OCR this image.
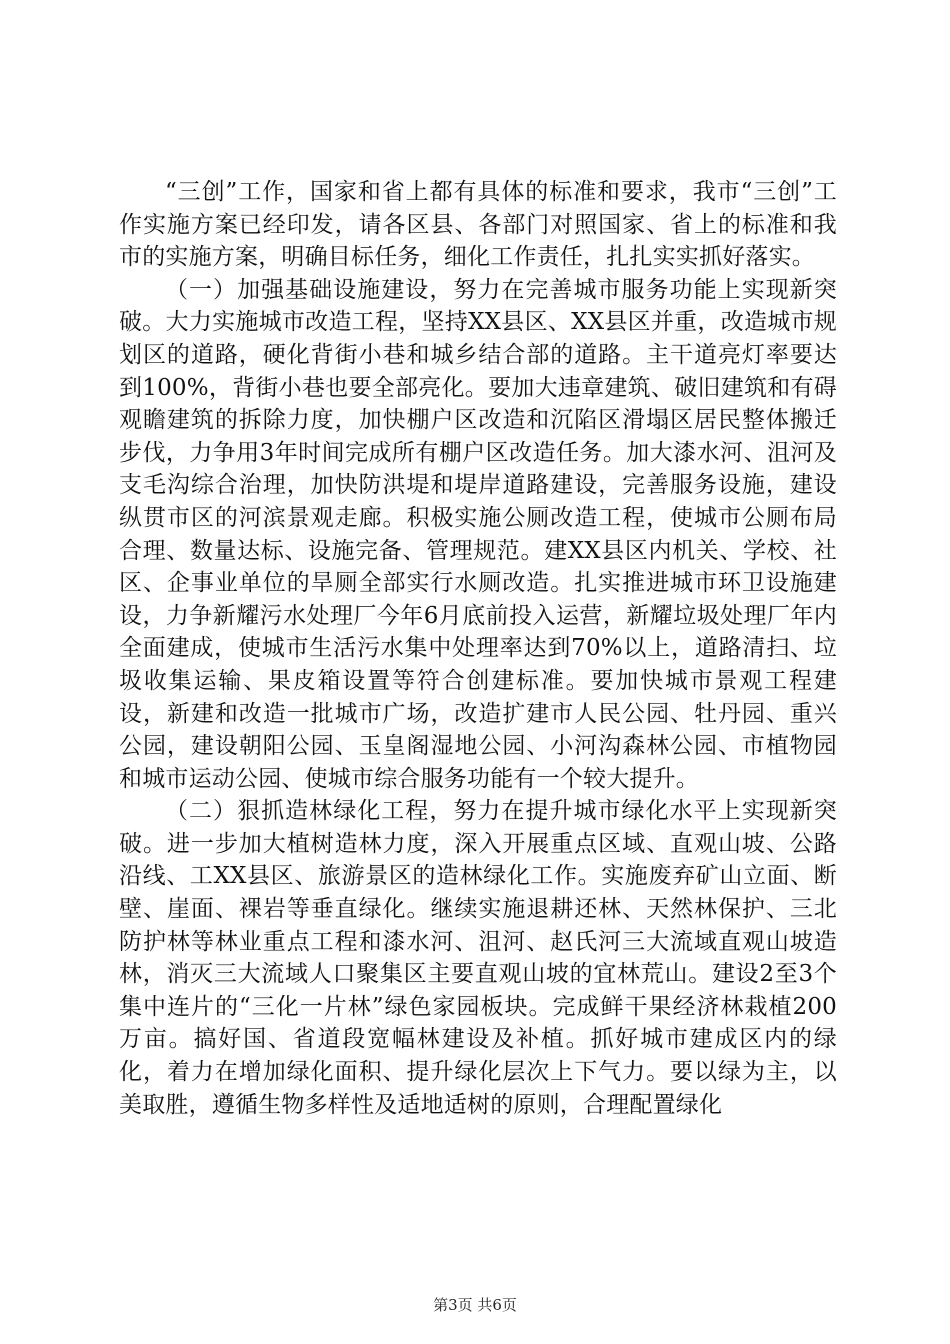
“三创”工作，国家和省上都有具体的标准和要求，我市“三创”工作实施方案已经印发，请各区县、各部门对照国家、省上的标准和我市的实施方案，明确目标任务，细化工作责任，扎扎实实抓好落实。

（一）加强基础设施建设，努力在完善城市服务功能上实现新突破。大力实施城市改造工程，坚持XX县区、XX县区并重，改造城市规划区的道路，硬化背街小巷和城乡结合部的道路。主干道亮灯率要达到100%，背街小巷也要全部亮化。要加大违章建筑、破旧建筑和有碍观瞻建筑的拆除力度，加快棚户区改造和沉陷区滑塌区居民整体搬迁步伐，力争用3年时间完成所有棚户区改造任务。加大漆水河、沮河及支毛沟综合治理，加快防洪堤和堤岸道路建设，完善服务设施，建设纵贯市区的河滨景观走廊。积极实施公厕改造工程，使城市公厕布局合理、数量达标、设施完备、管理规范。建XX县区内机关、学校、社区、企事业单位的旱厕全部实行水厕改造。扎实推进城市环卫设施建设，力争新耀污水处理厂今年6月底前投入运营，新耀垃圾处理厂年内全面建成，使城市生活污水集中处理率达到70%以上，道路清扫、垃圾收集运输、果皮箱设置等符合创建标准。要加快城市景观工程建设，新建和改造一批城市广场，改造扩建市人民公园、牡丹园、重兴公园，建设朝阳公园、玉皇阁湿地公园、小河沟森林公园、市植物园和城市运动公园、使城市综合服务功能有一个较大提升。

（二）狠抓造林绿化工程，努力在提升城市绿化水平上实现新突破。进一步加大植树造林力度，深入开展重点区域、直观山坡、公路沿线、工XX县区、旅游景区的造林绿化工作。实施废弃矿山立面、断壁、崖面、裸岩等垂直绿化。继续实施退耕还林、天然林保护、三北防护林等林业重点工程和漆水河、沮河、赵氏河三大流域直观山坡造林，消灭三大流域人口聚集区主要直观山坡的宜林荒山。建设2至3个集中连片的“三化一片林”绿色家园板块。完成鲜干果经济林栽植200万亩。搞好国、省道段宽幅林建设及补植。抓好城市建成区内的绿化，着力在增加绿化面积、提升绿化层次上下气力。要以绿为主，以美取胜，遵循生物多样性及适地适树的原则，合理配置绿化

第3页 共6页
